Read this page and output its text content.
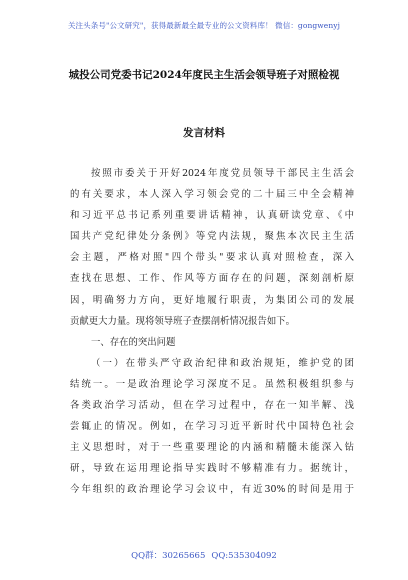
关注头条号"公文研究"，获得最新最全最专业的公文资料库！ 微信：gongwenyj
城投公司党委书记2024年度民主生活会领导班子对照检视
发言材料
按照市委关于开好2024年度党员领导干部民主生活会
的有关要求，本人深入学习领会党的二十届三中全会精神
和习近平总书记系列重要讲话精神，认真研读党章、《中
国共产党纪律处分条例》等党内法规，聚焦本次民主生活
会主题，严格对照"四个带头"要求认真对照检查，深入
查找在思想、工作、作风等方面存在的问题，深刻剖析原
因，明确努力方向，更好地履行职责，为集团公司的发展
贡献更大力量。现将领导班子查摆剖析情况报告如下。
一、存在的突出问题
（一）在带头严守政治纪律和政治规矩，维护党的团
结统一。一是政治理论学习深度不足。虽然积极组织参与
各类政治学习活动，但在学习过程中，存在一知半解、浅
尝辄止的情况。例如，在学习习近平新时代中国特色社会
主义思想时，对于一些重要理论的内涵和精髓未能深入钻
研，导致在运用理论指导实践时不够精准有力。据统计，
今年组织的政治理论学习会议中，有近30%的时间是用于
QQ群：30265665 QQ:535304092
